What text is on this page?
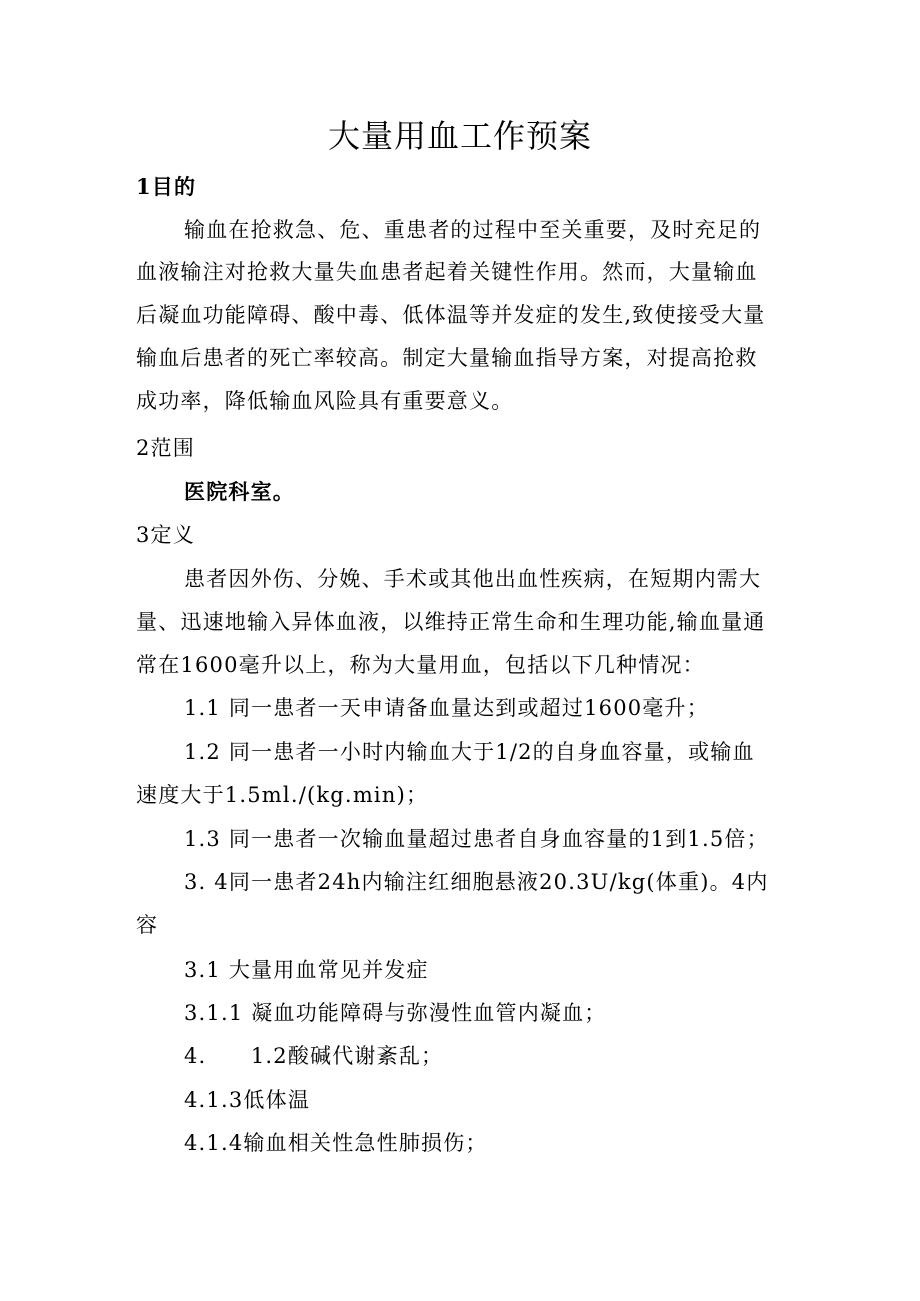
大量用血工作预案
1目的
输血在抢救急、危、重患者的过程中至关重要，及时充足的
血液输注对抢救大量失血患者起着关键性作用。然而，大量输血
后凝血功能障碍、酸中毒、低体温等并发症的发生,致使接受大量
输血后患者的死亡率较高。制定大量输血指导方案，对提高抢救
成功率，降低输血风险具有重要意义。
2范围
医院科室。
3定义
患者因外伤、分娩、手术或其他出血性疾病，在短期内需大
量、迅速地输入异体血液，以维持正常生命和生理功能,输血量通
常在1600毫升以上，称为大量用血，包括以下几种情况：
1.1 同一患者一天申请备血量达到或超过1600毫升；
1.2 同一患者一小时内输血大于1/2的自身血容量，或输血
速度大于1.5ml./(kg.min)；
1.3 同一患者一次输血量超过患者自身血容量的1到1.5倍；
3. 4同一患者24h内输注红细胞悬液20.3U/kg(体重)。4内
容
3.1 大量用血常见并发症
3.1.1 凝血功能障碍与弥漫性血管内凝血；
4.　　1.2酸碱代谢紊乱；
4.1.3低体温
4.1.4输血相关性急性肺损伤；
